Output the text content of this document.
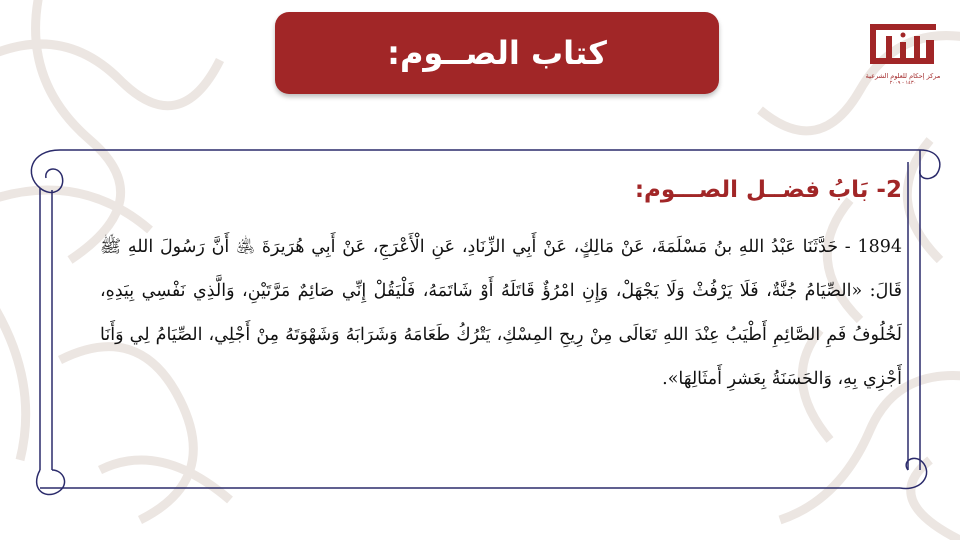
كتاب الصــوم:
مركز إحكام للعلوم الشرعية
١٤٣٠ - ٢٠٠٩
2- بَابُ فضــل الصـــوم:

1894 - حَدَّثَنَا عَبْدُ اللهِ بنُ مَسْلَمَةَ، عَنْ مَالِكٍ، عَنْ أَبِي الزِّنَادِ، عَنِ الْأَعْرَجِ، عَنْ أَبِي هُرَيرَةَ ﵁ أَنَّ رَسُولَ اللهِ ﷺ قَالَ: «الصِّيَامُ جُنَّةٌ، فَلَا يَرْفُثْ وَلَا يَجْهَلْ، وَإِنِ امْرُؤٌ قَاتَلَهُ أَوْ شَاتَمَهُ، فَلْيَقُلْ إِنِّي صَائِمٌ مَرَّتَيْنِ، وَالَّذِي نَفْسِي بِيَدِهِ، لَخُلُوفُ فَمِ الصَّائِمِ أَطْيَبُ عِنْدَ اللهِ تَعَالَى مِنْ رِيحِ المِسْكِ، يَتْرُكُ طَعَامَهُ وَشَرَابَهُ وَشَهْوَتَهُ مِنْ أَجْلِي، الصِّيَامُ لِي وَأَنَا أَجْزِي بِهِ، وَالحَسَنَةُ بِعَشرِ أَمثَالِهَا».
